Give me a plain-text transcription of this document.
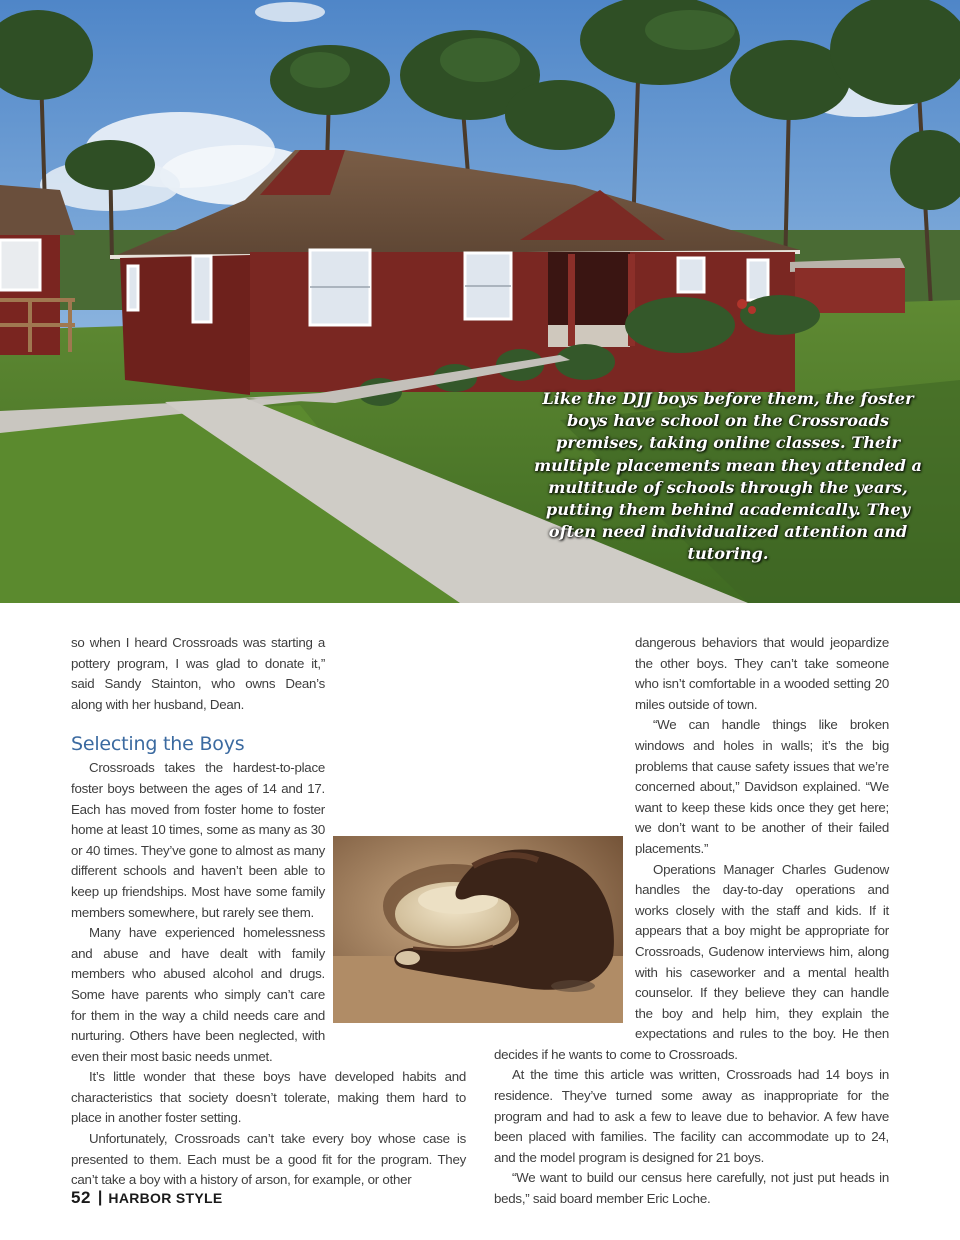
Like the DJJ boys before them, the foster boys have school on the Crossroads premises, taking online classes. Their multiple placements mean they attended a multitude of schools through the years, putting them behind academically. They often need individualized attention and tutoring.

so when I heard Crossroads was starting a pottery program, I was glad to donate it,” said Sandy Stainton, who owns Dean’s along with her husband, Dean.

Selecting the Boys

Crossroads takes the hardest-to-place foster boys between the ages of 14 and 17. Each has moved from foster home to foster home at least 10 times, some as many as 30 or 40 times. They’ve gone to almost as many different schools and haven’t been able to keep up friendships. Most have some family members somewhere, but rarely see them.

Many have experienced homelessness and abuse and have dealt with family members who abused alcohol and drugs. Some have parents who simply can’t care for them in the way a child needs care and nurturing. Others have been neglected, with even their most basic needs unmet.

It’s little wonder that these boys have developed habits and characteristics that society doesn’t tolerate, making them hard to place in another foster setting.

Unfortunately, Crossroads can’t take every boy whose case is presented to them. Each must be a good fit for the program. They can’t take a boy with a history of arson, for example, or other

dangerous behaviors that would jeopardize the other boys. They can’t take someone who isn’t comfortable in a wooded setting 20 miles outside of town.

“We can handle things like broken windows and holes in walls; it’s the big problems that cause safety issues that we’re concerned about,” Davidson explained. “We want to keep these kids once they get here; we don’t want to be another of their failed placements.”

Operations Manager Charles Gudenow handles the day-to-day operations and works closely with the staff and kids. If it appears that a boy might be appropriate for Crossroads, Gudenow interviews him, along with his caseworker and a mental health counselor. If they believe they can handle the boy and help him, they explain the expectations and rules to the boy. He then decides if he wants to come to Crossroads.

At the time this article was written, Crossroads had 14 boys in residence. They’ve turned some away as inappropriate for the program and had to ask a few to leave due to behavior. A few have been placed with families. The facility can accommodate up to 24, and the model program is designed for 21 boys.

“We want to build our census here carefully, not just put heads in beds,” said board member Eric Loche.

52 | HARBOR STYLE
